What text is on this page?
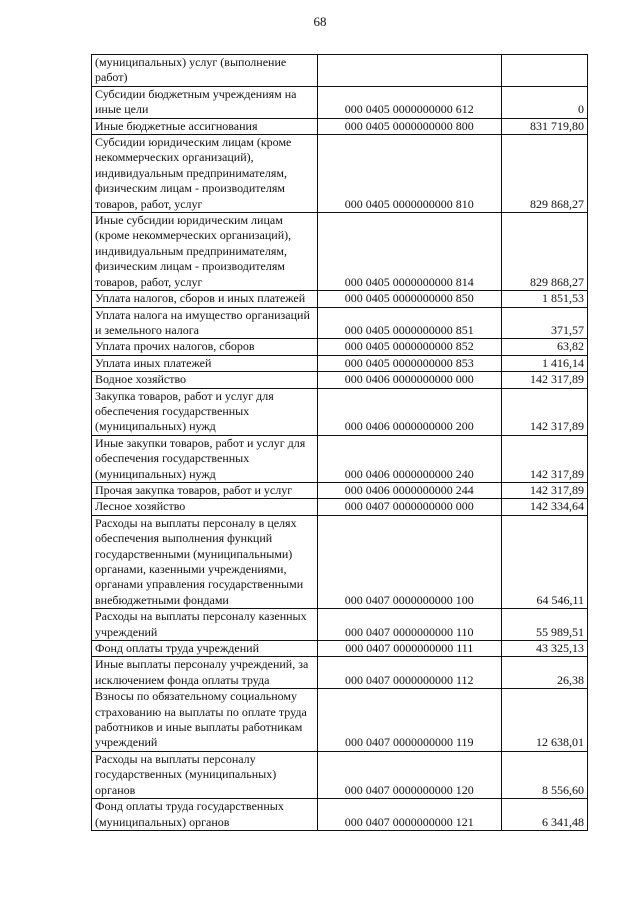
68
(муниципальных) услуг (выполнение работ)		
Субсидии бюджетным учреждениям на иные цели	000 0405 0000000000 612	0
Иные бюджетные ассигнования	000 0405 0000000000 800	831 719,80
Субсидии юридическим лицам (кроме некоммерческих организаций), индивидуальным предпринимателям, физическим лицам - производителям товаров, работ, услуг	000 0405 0000000000 810	829 868,27
Иные субсидии юридическим лицам (кроме некоммерческих организаций), индивидуальным предпринимателям, физическим лицам - производителям товаров, работ, услуг	000 0405 0000000000 814	829 868,27
Уплата налогов, сборов и иных платежей	000 0405 0000000000 850	1 851,53
Уплата налога на имущество организаций и земельного налога	000 0405 0000000000 851	371,57
Уплата прочих налогов, сборов	000 0405 0000000000 852	63,82
Уплата иных платежей	000 0405 0000000000 853	1 416,14
Водное хозяйство	000 0406 0000000000 000	142 317,89
Закупка товаров, работ и услуг для обеспечения государственных (муниципальных) нужд	000 0406 0000000000 200	142 317,89
Иные закупки товаров, работ и услуг для обеспечения государственных (муниципальных) нужд	000 0406 0000000000 240	142 317,89
Прочая закупка товаров, работ и услуг	000 0406 0000000000 244	142 317,89
Лесное хозяйство	000 0407 0000000000 000	142 334,64
Расходы на выплаты персоналу в целях обеспечения выполнения функций государственными (муниципальными) органами, казенными учреждениями, органами управления государственными внебюджетными фондами	000 0407 0000000000 100	64 546,11
Расходы на выплаты персоналу казенных учреждений	000 0407 0000000000 110	55 989,51
Фонд оплаты труда учреждений	000 0407 0000000000 111	43 325,13
Иные выплаты персоналу учреждений, за исключением фонда оплаты труда	000 0407 0000000000 112	26,38
Взносы по обязательному социальному страхованию на выплаты по оплате труда работников и иные выплаты работникам учреждений	000 0407 0000000000 119	12 638,01
Расходы на выплаты персоналу государственных (муниципальных) органов	000 0407 0000000000 120	8 556,60
Фонд оплаты труда государственных (муниципальных) органов	000 0407 0000000000 121	6 341,48
